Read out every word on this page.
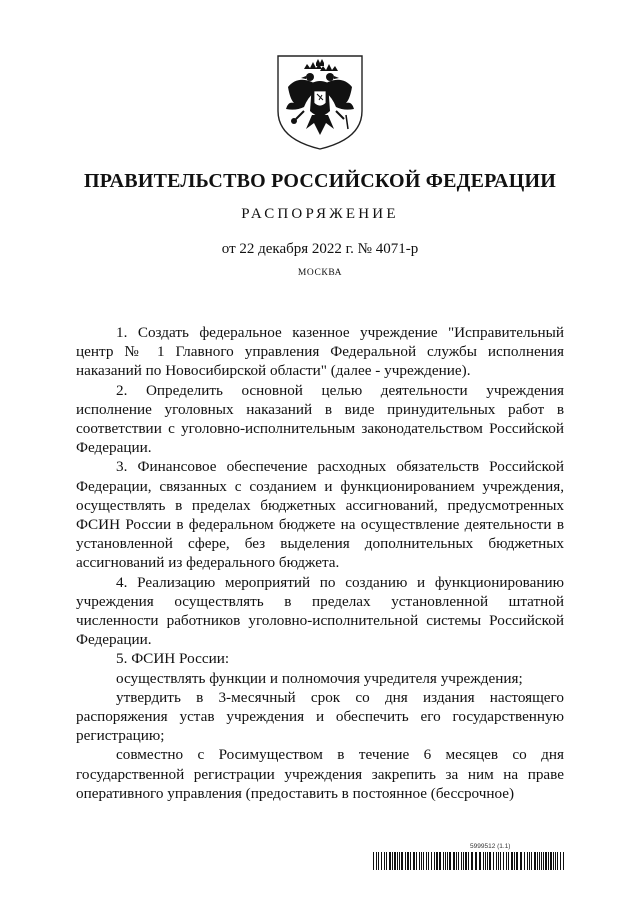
ПРАВИТЕЛЬСТВО РОССИЙСКОЙ ФЕДЕРАЦИИ
РАСПОРЯЖЕНИЕ
от 22 декабря 2022 г. № 4071-р
МОСКВА

1. Создать федеральное казенное учреждение "Исправительный центр № 1 Главного управления Федеральной службы исполнения наказаний по Новосибирской области" (далее - учреждение).

2. Определить основной целью деятельности учреждения исполнение уголовных наказаний в виде принудительных работ в соответствии с уголовно-исполнительным законодательством Российской Федерации.

3. Финансовое обеспечение расходных обязательств Российской Федерации, связанных с созданием и функционированием учреждения, осуществлять в пределах бюджетных ассигнований, предусмотренных ФСИН России в федеральном бюджете на осуществление деятельности в установленной сфере, без выделения дополнительных бюджетных ассигнований из федерального бюджета.

4. Реализацию мероприятий по созданию и функционированию учреждения осуществлять в пределах установленной штатной численности работников уголовно-исполнительной системы Российской Федерации.

5. ФСИН России:

осуществлять функции и полномочия учредителя учреждения;

утвердить в 3-месячный срок со дня издания настоящего распоряжения устав учреждения и обеспечить его государственную регистрацию;

совместно с Росимуществом в течение 6 месяцев со дня государственной регистрации учреждения закрепить за ним на праве оперативного управления (предоставить в постоянное (бессрочное)

5999512 (1.1)
